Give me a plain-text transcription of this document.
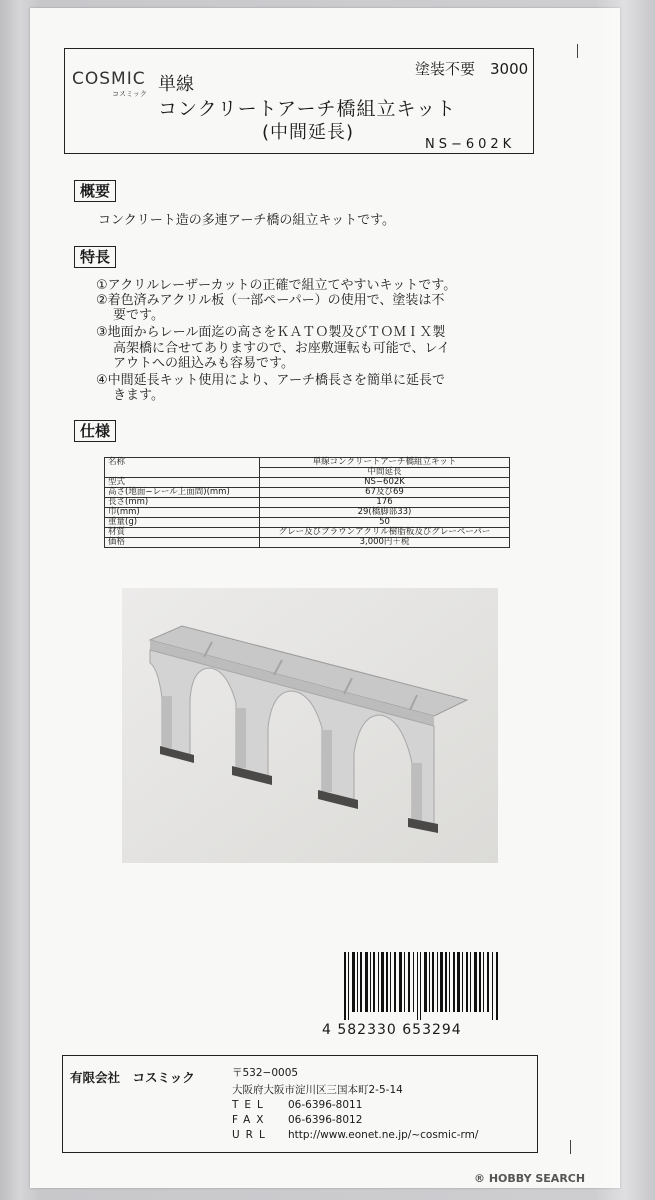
COSMIC
コスミック
塗装不要　3000
単線
コンクリートアーチ橋組立キット
(中間延長)
NS−602K
概要
コンクリート造の多連アーチ橋の組立キットです。
特長
①アクリルレーザーカットの正確で組立てやすいキットです。
②着色済みアクリル板（一部ペーパー）の使用で、塗装は不
要です。
③地面からレール面迄の高さをＫＡＴＯ製及びＴＯＭＩＸ製
高架橋に合せてありますので、お座敷運転も可能で、レイ
アウトへの組込みも容易です。
④中間延長キット使用により、アーチ橋長さを簡単に延長で
きます。
仕様
名称	単線コンクリートアーチ橋組立キット
	中間延長
型式	NS−602K
高さ(地面−レール上面間)(mm)	67及び69
長さ(mm)	176
巾(mm)	29(橋脚部33)
重量(g)	50
材質	グレー及びブラウンアクリル樹脂板及びグレーペーパー
価格	3,000円＋税
4 582330 653294
有限会社　コスミック	〒532−0005
大阪府大阪市淀川区三国本町2-5-14
TEL 06-6396-8011
FAX 06-6396-8012
URL http://www.eonet.ne.jp/~cosmic-rm/
® HOBBY SEARCH
